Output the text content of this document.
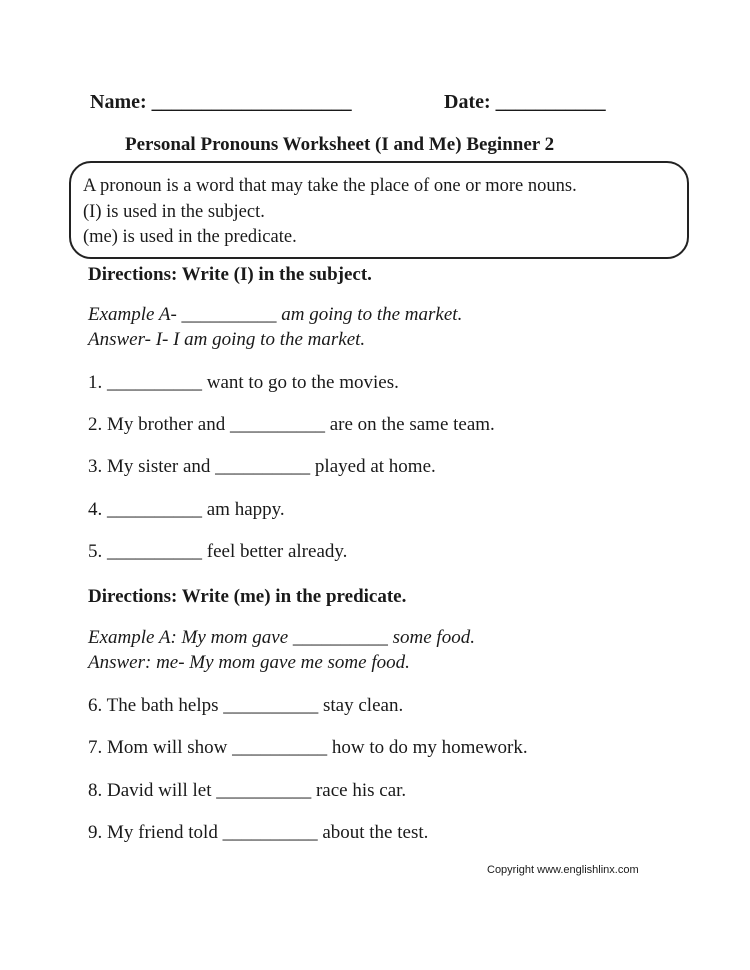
Name: ____________________	Date: ___________
Personal Pronouns Worksheet (I and Me) Beginner 2
A pronoun is a word that may take the place of one or more nouns.
(I) is used in the subject.
(me) is used in the predicate.
Directions: Write (I) in the subject.
Example A- __________ am going to the market.
Answer- I- I am going to the market.
1. __________ want to go to the movies.
2. My brother and __________ are on the same team.
3. My sister and __________ played at home.
4. __________ am happy.
5. __________ feel better already.
Directions: Write (me) in the predicate.
Example A: My mom gave __________ some food.
Answer: me- My mom gave me some food.
6. The bath helps __________ stay clean.
7. Mom will show __________ how to do my homework.
8. David will let __________ race his car.
9. My friend told __________ about the test.
Copyright www.englishlinx.com
